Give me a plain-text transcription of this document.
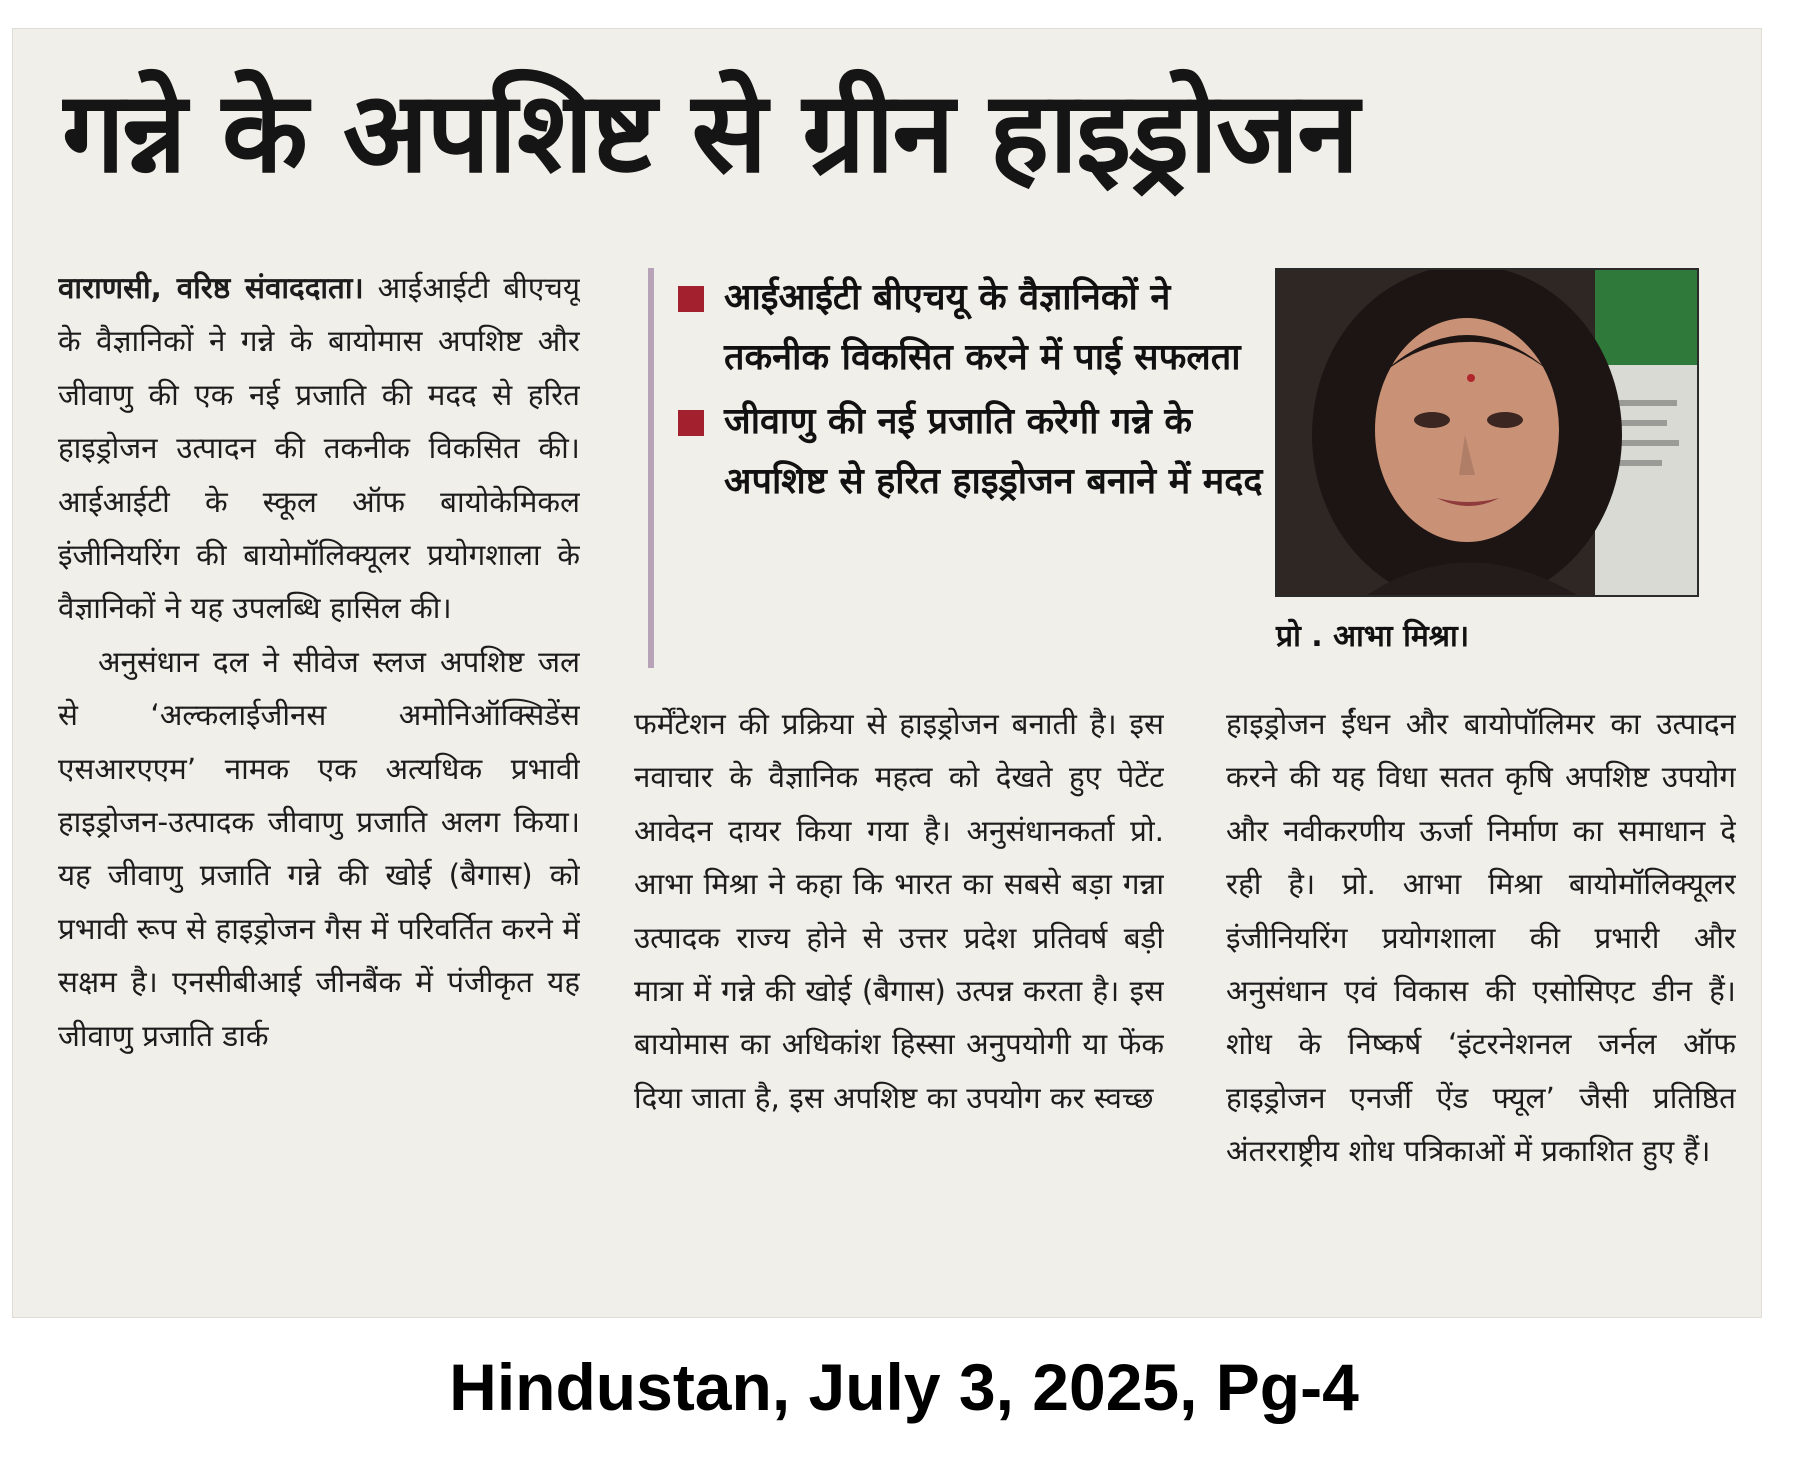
गन्ने के अपशिष्ट से ग्रीन हाइड्रोजन
वाराणसी, वरिष्ठ संवाददाता। आईआईटी बीएचयू के वैज्ञानिकों ने गन्ने के बायोमास अपशिष्ट और जीवाणु की एक नई प्रजाति की मदद से हरित हाइड्रोजन उत्पादन की तकनीक विकसित की। आईआईटी के स्कूल ऑफ बायोकेमिकल इंजीनियरिंग की बायोमॉलिक्यूलर प्रयोगशाला के वैज्ञानिकों ने यह उपलब्धि हासिल की।
अनुसंधान दल ने सीवेज स्लज अपशिष्ट जल से ‘अल्कलाईजीनस अमोनिऑक्सिडेंस एसआरएएम’ नामक एक अत्यधिक प्रभावी हाइड्रोजन-उत्पादक जीवाणु प्रजाति अलग किया। यह जीवाणु प्रजाति गन्ने की खोई (बैगास) को प्रभावी रूप से हाइड्रोजन गैस में परिवर्तित करने में सक्षम है। एनसीबीआई जीनबैंक में पंजीकृत यह जीवाणु प्रजाति डार्क
आईआईटी बीएचयू के वैज्ञानिकों ने तकनीक विकसित करने में पाई सफलता
जीवाणु की नई प्रजाति करेगी गन्ने के अपशिष्ट से हरित हाइड्रोजन बनाने में मदद
प्रो . आभा मिश्रा।
फर्मेंटेशन की प्रक्रिया से हाइड्रोजन बनाती है। इस नवाचार के वैज्ञानिक महत्व को देखते हुए पेटेंट आवेदन दायर किया गया है। अनुसंधानकर्ता प्रो. आभा मिश्रा ने कहा कि भारत का सबसे बड़ा गन्ना उत्पादक राज्य होने से उत्तर प्रदेश प्रतिवर्ष बड़ी मात्रा में गन्ने की खोई (बैगास) उत्पन्न करता है। इस बायोमास का अधिकांश हिस्सा अनुपयोगी या फेंक दिया जाता है, इस अपशिष्ट का उपयोग कर स्वच्छ
हाइड्रोजन ईंधन और बायोपॉलिमर का उत्पादन करने की यह विधा सतत कृषि अपशिष्ट उपयोग और नवीकरणीय ऊर्जा निर्माण का समाधान दे रही है। प्रो. आभा मिश्रा बायोमॉलिक्यूलर इंजीनियरिंग प्रयोगशाला की प्रभारी और अनुसंधान एवं विकास की एसोसिएट डीन हैं। शोध के निष्कर्ष ‘इंटरनेशनल जर्नल ऑफ हाइड्रोजन एनर्जी ऐंड फ्यूल’ जैसी प्रतिष्ठित अंतरराष्ट्रीय शोध पत्रिकाओं में प्रकाशित हुए हैं।
Hindustan, July 3, 2025, Pg-4
